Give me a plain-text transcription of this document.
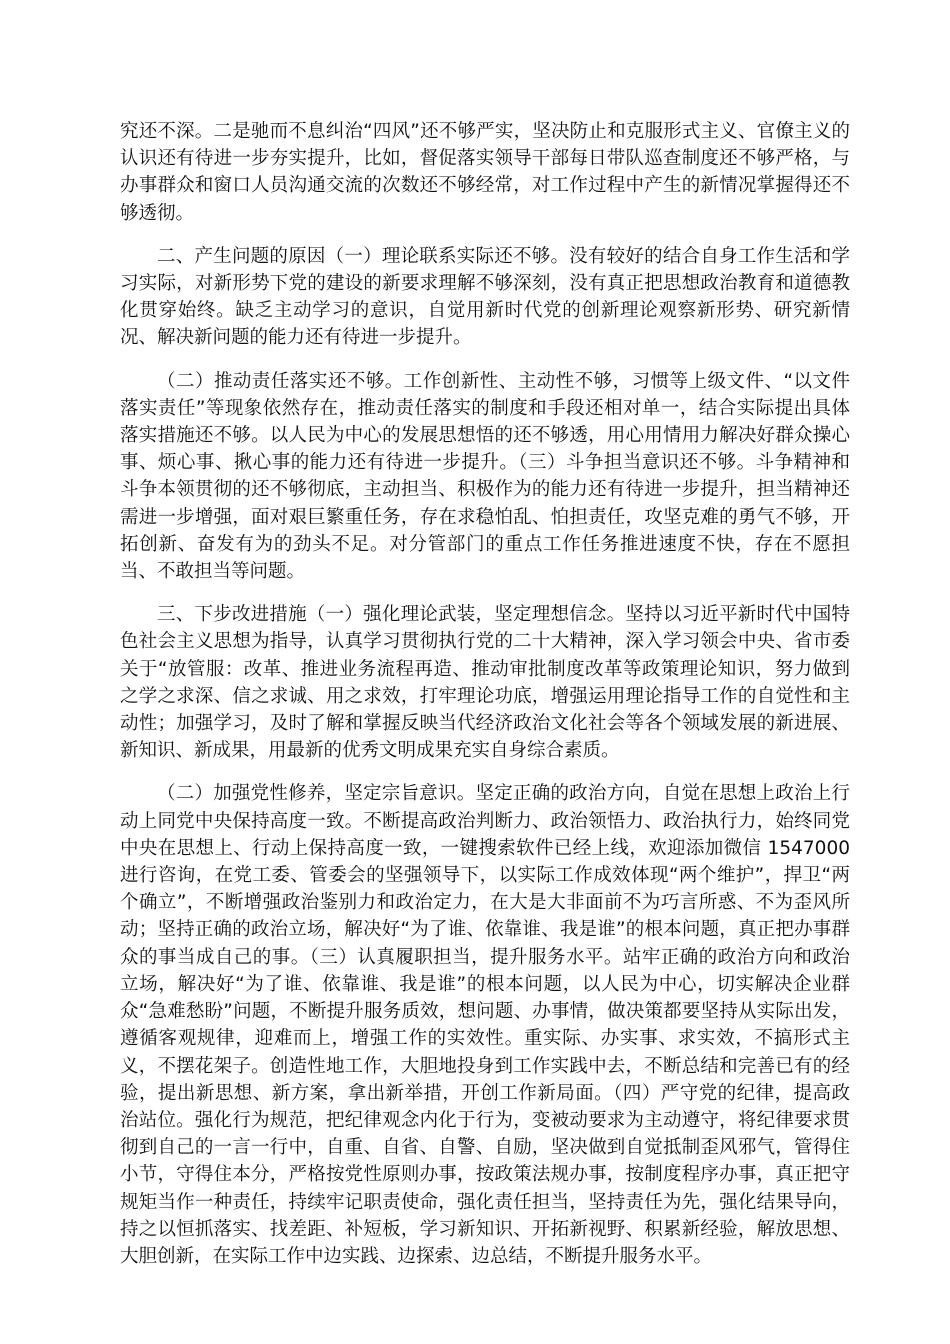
究还不深。二是驰而不息纠治“四风”还不够严实，坚决防止和克服形式主义、官僚主义的认识还有待进一步夯实提升，比如，督促落实领导干部每日带队巡查制度还不够严格，与办事群众和窗口人员沟通交流的次数还不够经常，对工作过程中产生的新情况掌握得还不够透彻。

二、产生问题的原因（一）理论联系实际还不够。没有较好的结合自身工作生活和学习实际，对新形势下党的建设的新要求理解不够深刻，没有真正把思想政治教育和道德教化贯穿始终。缺乏主动学习的意识，自觉用新时代党的创新理论观察新形势、研究新情况、解决新问题的能力还有待进一步提升。

（二）推动责任落实还不够。工作创新性、主动性不够，习惯等上级文件、“以文件落实责任”等现象依然存在，推动责任落实的制度和手段还相对单一，结合实际提出具体落实措施还不够。以人民为中心的发展思想悟的还不够透，用心用情用力解决好群众操心事、烦心事、揪心事的能力还有待进一步提升。（三）斗争担当意识还不够。斗争精神和斗争本领贯彻的还不够彻底，主动担当、积极作为的能力还有待进一步提升，担当精神还需进一步增强，面对艰巨繁重任务，存在求稳怕乱、怕担责任，攻坚克难的勇气不够，开拓创新、奋发有为的劲头不足。对分管部门的重点工作任务推进速度不快，存在不愿担当、不敢担当等问题。

三、下步改进措施（一）强化理论武装，坚定理想信念。坚持以习近平新时代中国特色社会主义思想为指导，认真学习贯彻执行党的二十大精神，深入学习领会中央、省市委关于“放管服：改革、推进业务流程再造、推动审批制度改革等政策理论知识，努力做到之学之求深、信之求诚、用之求效，打牢理论功底，增强运用理论指导工作的自觉性和主动性；加强学习，及时了解和掌握反映当代经济政治文化社会等各个领域发展的新进展、新知识、新成果，用最新的优秀文明成果充实自身综合素质。

（二）加强党性修养，坚定宗旨意识。坚定正确的政治方向，自觉在思想上政治上行动上同党中央保持高度一致。不断提高政治判断力、政治领悟力、政治执行力，始终同党中央在思想上、行动上保持高度一致，一键搜索软件已经上线，欢迎添加微信 1547000 进行咨询，在党工委、管委会的坚强领导下，以实际工作成效体现“两个维护”，捍卫“两个确立”，不断增强政治鉴别力和政治定力，在大是大非面前不为巧言所惑、不为歪风所动；坚持正确的政治立场，解决好“为了谁、依靠谁、我是谁”的根本问题，真正把办事群众的事当成自己的事。（三）认真履职担当，提升服务水平。站牢正确的政治方向和政治立场，解决好“为了谁、依靠谁、我是谁”的根本问题，以人民为中心，切实解决企业群众“急难愁盼”问题，不断提升服务质效，想问题、办事情，做决策都要坚持从实际出发，遵循客观规律，迎难而上，增强工作的实效性。重实际、办实事、求实效，不搞形式主义，不摆花架子。创造性地工作，大胆地投身到工作实践中去，不断总结和完善已有的经验，提出新思想、新方案，拿出新举措，开创工作新局面。（四）严守党的纪律，提高政治站位。强化行为规范，把纪律观念内化于行为，变被动要求为主动遵守，将纪律要求贯彻到自己的一言一行中，自重、自省、自警、自励，坚决做到自觉抵制歪风邪气，管得住小节，守得住本分，严格按党性原则办事，按政策法规办事，按制度程序办事，真正把守规矩当作一种责任，持续牢记职责使命，强化责任担当，坚持责任为先，强化结果导向，持之以恒抓落实、找差距、补短板，学习新知识、开拓新视野、积累新经验，解放思想、大胆创新，在实际工作中边实践、边探索、边总结，不断提升服务水平。
